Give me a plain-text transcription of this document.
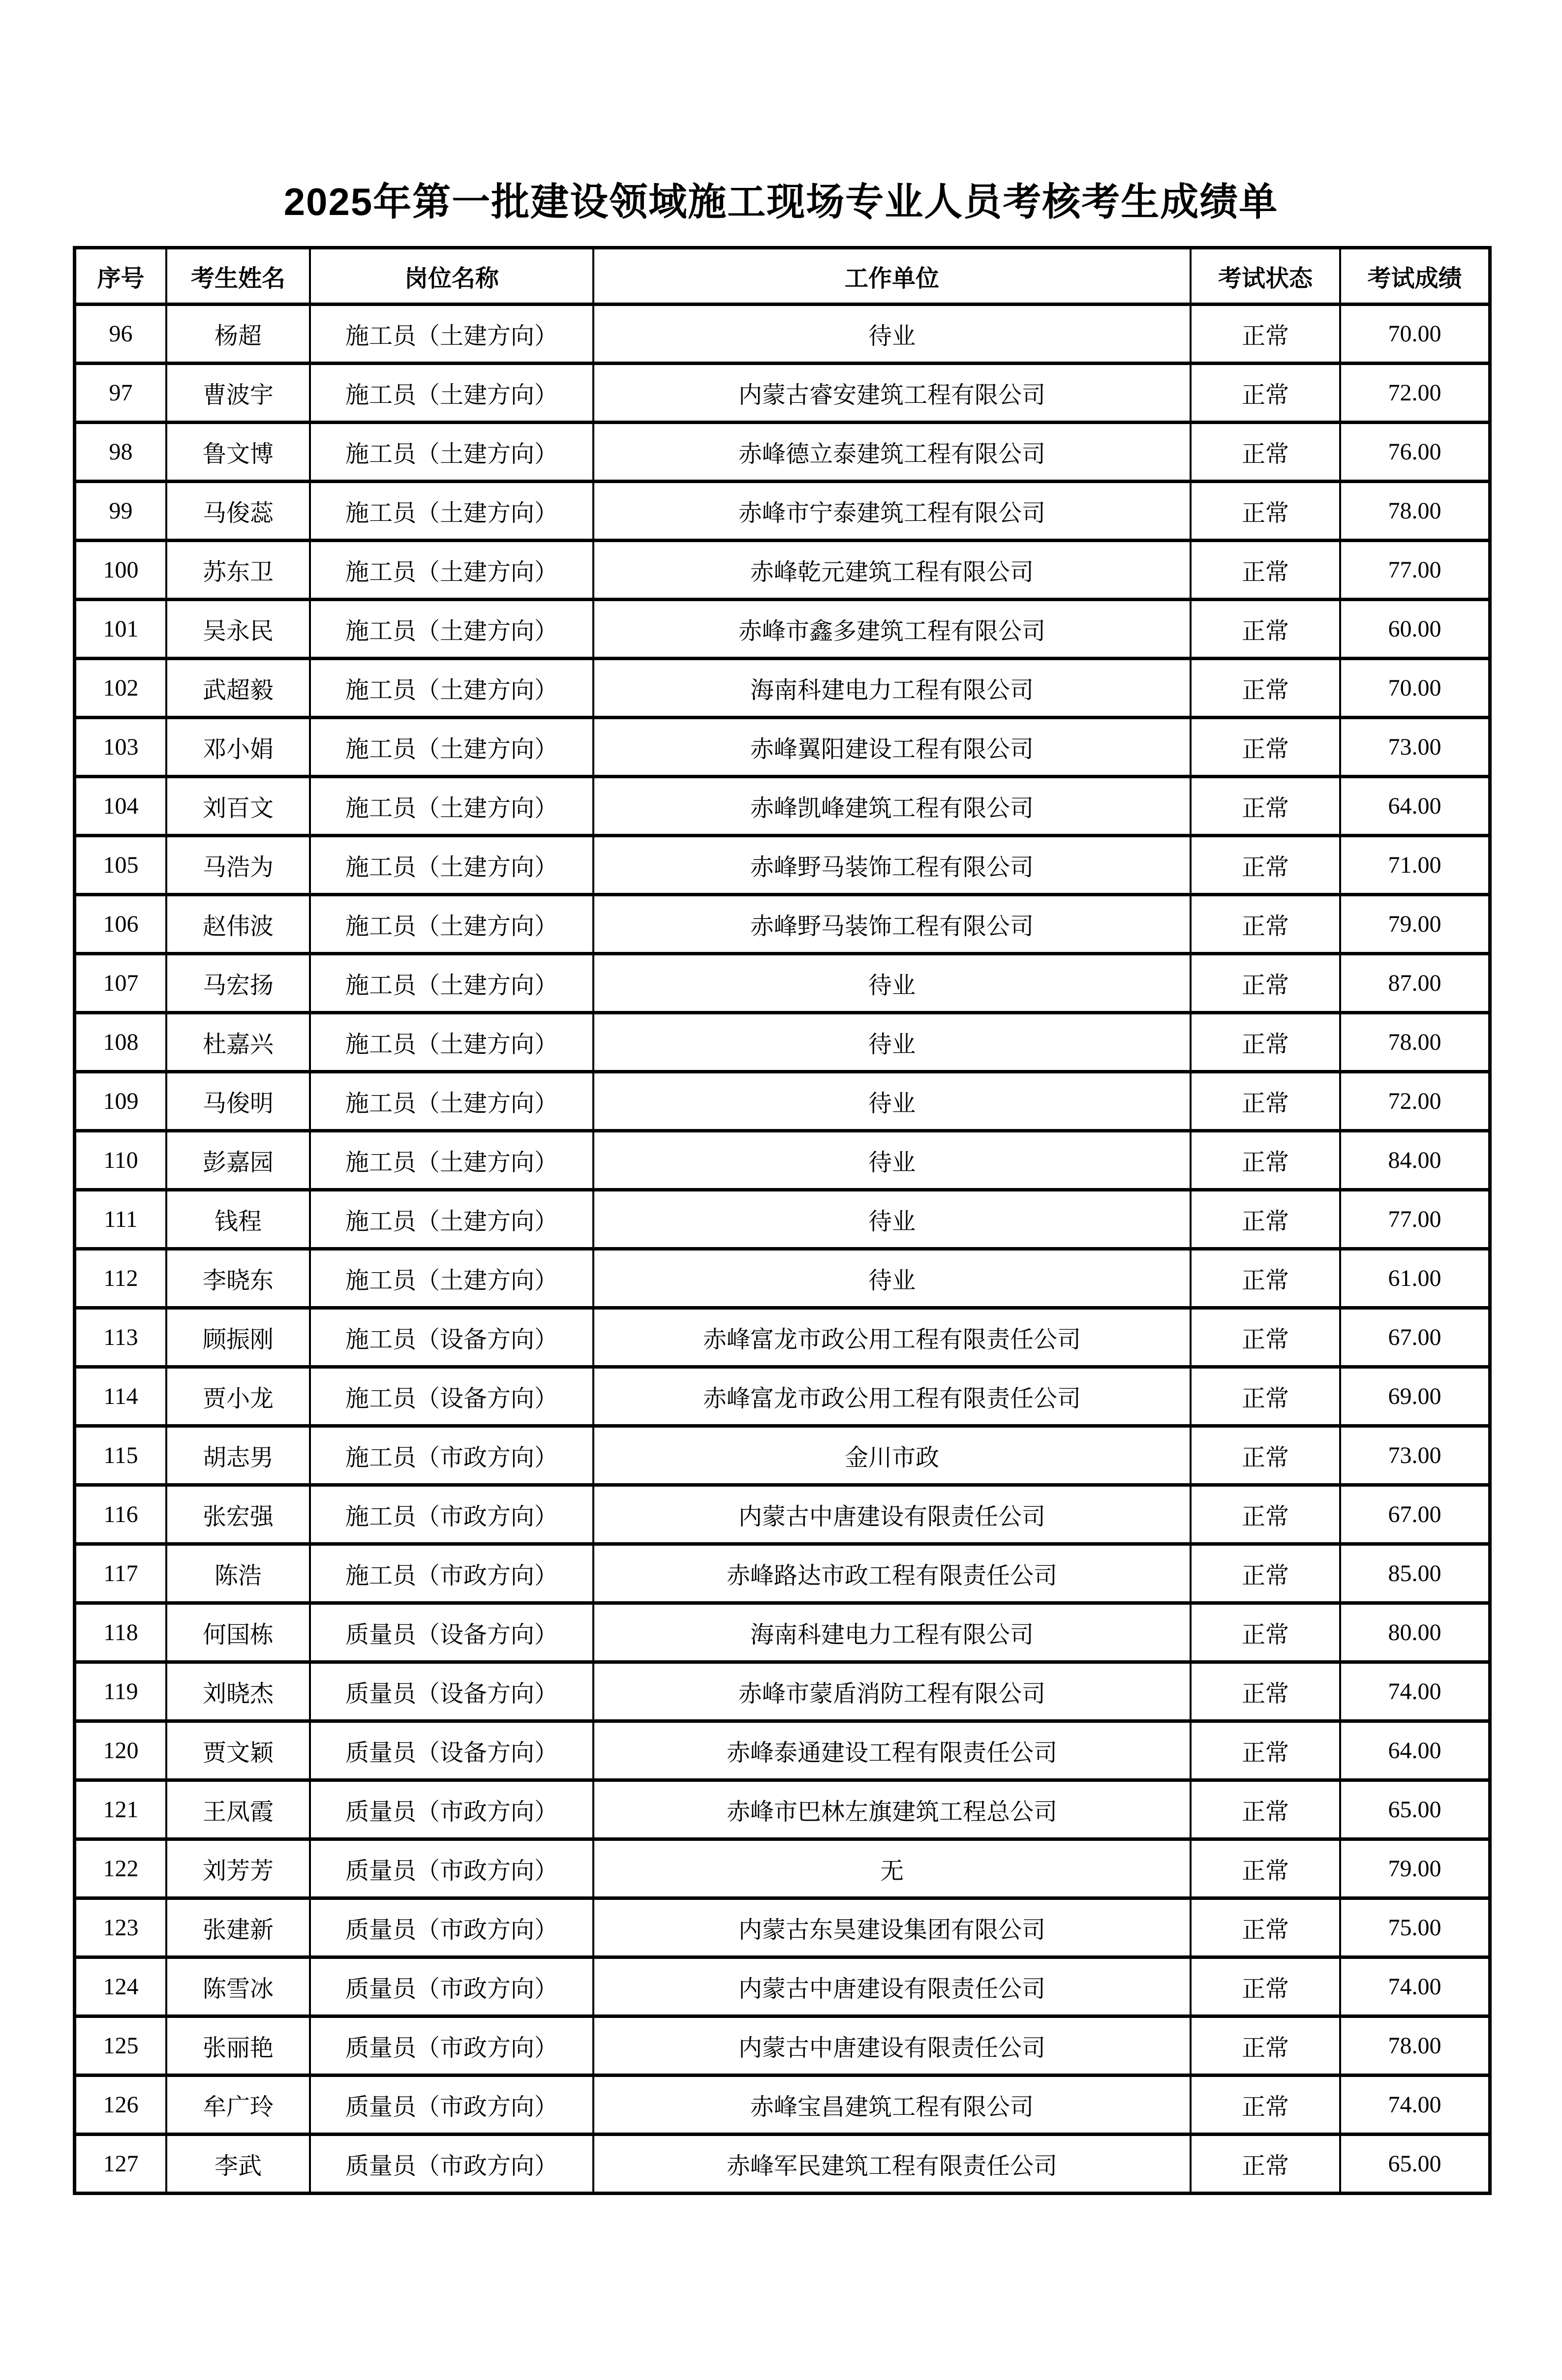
2025年第一批建设领域施工现场专业人员考核考生成绩单
序号	考生姓名	岗位名称	工作单位	考试状态	考试成绩
96	杨超	施工员（土建方向）	待业	正常	70.00
97	曹波宇	施工员（土建方向）	内蒙古睿安建筑工程有限公司	正常	72.00
98	鲁文博	施工员（土建方向）	赤峰德立泰建筑工程有限公司	正常	76.00
99	马俊蕊	施工员（土建方向）	赤峰市宁泰建筑工程有限公司	正常	78.00
100	苏东卫	施工员（土建方向）	赤峰乾元建筑工程有限公司	正常	77.00
101	吴永民	施工员（土建方向）	赤峰市鑫多建筑工程有限公司	正常	60.00
102	武超毅	施工员（土建方向）	海南科建电力工程有限公司	正常	70.00
103	邓小娟	施工员（土建方向）	赤峰翼阳建设工程有限公司	正常	73.00
104	刘百文	施工员（土建方向）	赤峰凯峰建筑工程有限公司	正常	64.00
105	马浩为	施工员（土建方向）	赤峰野马装饰工程有限公司	正常	71.00
106	赵伟波	施工员（土建方向）	赤峰野马装饰工程有限公司	正常	79.00
107	马宏扬	施工员（土建方向）	待业	正常	87.00
108	杜嘉兴	施工员（土建方向）	待业	正常	78.00
109	马俊明	施工员（土建方向）	待业	正常	72.00
110	彭嘉园	施工员（土建方向）	待业	正常	84.00
111	钱程	施工员（土建方向）	待业	正常	77.00
112	李晓东	施工员（土建方向）	待业	正常	61.00
113	顾振刚	施工员（设备方向）	赤峰富龙市政公用工程有限责任公司	正常	67.00
114	贾小龙	施工员（设备方向）	赤峰富龙市政公用工程有限责任公司	正常	69.00
115	胡志男	施工员（市政方向）	金川市政	正常	73.00
116	张宏强	施工员（市政方向）	内蒙古中唐建设有限责任公司	正常	67.00
117	陈浩	施工员（市政方向）	赤峰路达市政工程有限责任公司	正常	85.00
118	何国栋	质量员（设备方向）	海南科建电力工程有限公司	正常	80.00
119	刘晓杰	质量员（设备方向）	赤峰市蒙盾消防工程有限公司	正常	74.00
120	贾文颖	质量员（设备方向）	赤峰泰通建设工程有限责任公司	正常	64.00
121	王凤霞	质量员（市政方向）	赤峰市巴林左旗建筑工程总公司	正常	65.00
122	刘芳芳	质量员（市政方向）	无	正常	79.00
123	张建新	质量员（市政方向）	内蒙古东昊建设集团有限公司	正常	75.00
124	陈雪冰	质量员（市政方向）	内蒙古中唐建设有限责任公司	正常	74.00
125	张丽艳	质量员（市政方向）	内蒙古中唐建设有限责任公司	正常	78.00
126	牟广玲	质量员（市政方向）	赤峰宝昌建筑工程有限公司	正常	74.00
127	李武	质量员（市政方向）	赤峰军民建筑工程有限责任公司	正常	65.00
